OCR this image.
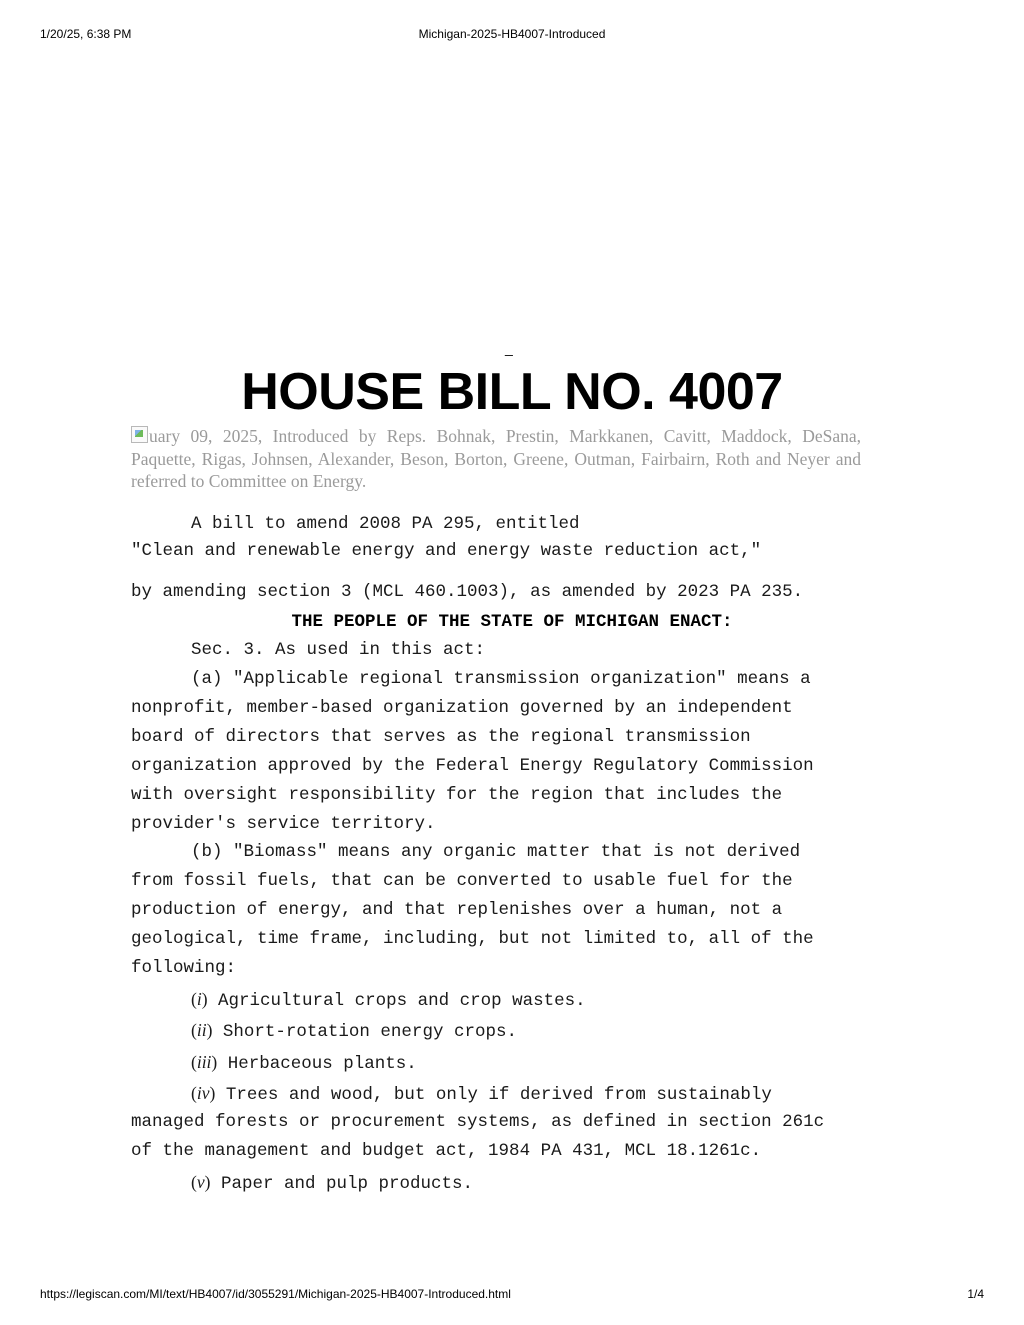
1/20/25, 6:38 PM	Michigan-2025-HB4007-Introduced
_
HOUSE BILL NO. 4007
uary 09, 2025, Introduced by Reps. Bohnak, Prestin, Markkanen, Cavitt, Maddock, DeSana, Paquette, Rigas, Johnsen, Alexander, Beson, Borton, Greene, Outman, Fairbairn, Roth and Neyer and referred to Committee on Energy.
A bill to amend 2008 PA 295, entitled
"Clean and renewable energy and energy waste reduction act,"
by amending section 3 (MCL 460.1003), as amended by 2023 PA 235.
THE PEOPLE OF THE STATE OF MICHIGAN ENACT:
Sec. 3. As used in this act:
(a) "Applicable regional transmission organization" means a
nonprofit, member-based organization governed by an independent
board of directors that serves as the regional transmission
organization approved by the Federal Energy Regulatory Commission
with oversight responsibility for the region that includes the
provider's service territory.
(b) "Biomass" means any organic matter that is not derived
from fossil fuels, that can be converted to usable fuel for the
production of energy, and that replenishes over a human, not a
geological, time frame, including, but not limited to, all of the
following:
(i) Agricultural crops and crop wastes.
(ii) Short-rotation energy crops.
(iii) Herbaceous plants.
(iv) Trees and wood, but only if derived from sustainably
managed forests or procurement systems, as defined in section 261c
of the management and budget act, 1984 PA 431, MCL 18.1261c.
(v) Paper and pulp products.
https://legiscan.com/MI/text/HB4007/id/3055291/Michigan-2025-HB4007-Introduced.html	1/4
